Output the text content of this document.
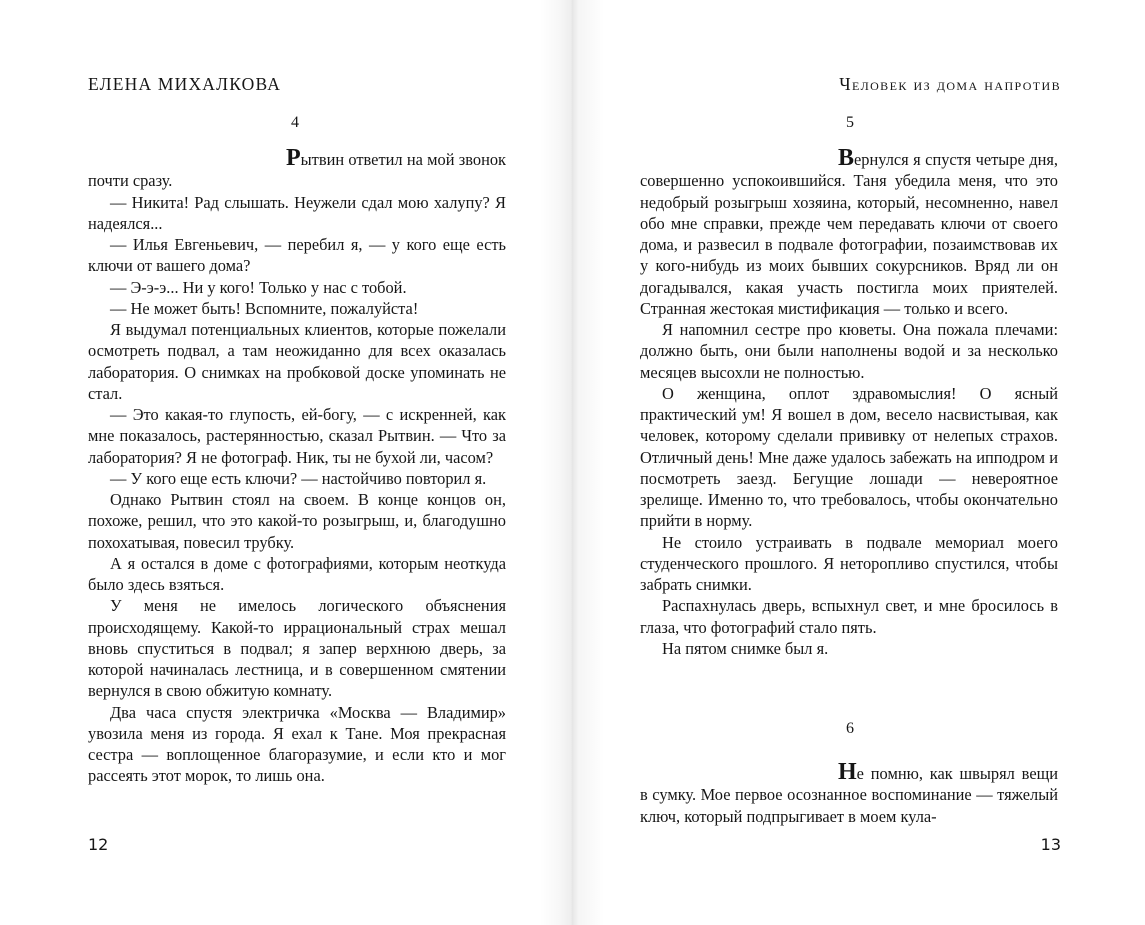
ЕЛЕНА МИХАЛКОВА
4

Рытвин ответил на мой звонок почти сразу.

— Никита! Рад слышать. Неужели сдал мою халупу? Я надеялся...

— Илья Евгеньевич, — перебил я, — у кого еще есть ключи от вашего дома?

— Э-э-э... Ни у кого! Только у нас с тобой.

— Не может быть! Вспомните, пожалуйста!

Я выдумал потенциальных клиентов, которые пожелали осмотреть подвал, а там неожиданно для всех оказалась лаборатория. О снимках на пробковой доске упоминать не стал.

— Это какая-то глупость, ей-богу, — с искренней, как мне показалось, растерянностью, сказал Рытвин. — Что за лаборатория? Я не фотограф. Ник, ты не бухой ли, часом?

— У кого еще есть ключи? — настойчиво повторил я.

Однако Рытвин стоял на своем. В конце концов он, похоже, решил, что это какой-то розыгрыш, и, благодушно похохатывая, повесил трубку.

А я остался в доме с фотографиями, которым неоткуда было здесь взяться.

У меня не имелось логического объяснения происходящему. Какой-то иррациональный страх мешал вновь спуститься в подвал; я запер верхнюю дверь, за которой начиналась лестница, и в совершенном смятении вернулся в свою обжитую комнату.

Два часа спустя электричка «Москва — Владимир» увозила меня из города. Я ехал к Тане. Моя прекрасная сестра — воплощенное благоразумие, и если кто и мог рассеять этот морок, то лишь она.

12
Человек из дома напротив
5

Вернулся я спустя четыре дня, совершенно успокоившийся. Таня убедила меня, что это недобрый розыгрыш хозяина, который, несомненно, навел обо мне справки, прежде чем передавать ключи от своего дома, и развесил в подвале фотографии, позаимствовав их у кого-нибудь из моих бывших сокурсников. Вряд ли он догадывался, какая участь постигла моих приятелей. Странная жестокая мистификация — только и всего.

Я напомнил сестре про кюветы. Она пожала плечами: должно быть, они были наполнены водой и за несколько месяцев высохли не полностью.

О женщина, оплот здравомыслия! О ясный практический ум! Я вошел в дом, весело насвистывая, как человек, которому сделали прививку от нелепых страхов. Отличный день! Мне даже удалось забежать на ипподром и посмотреть заезд. Бегущие лошади — невероятное зрелище. Именно то, что требовалось, чтобы окончательно прийти в норму.

Не стоило устраивать в подвале мемориал моего студенческого прошлого. Я неторопливо спустился, чтобы забрать снимки.

Распахнулась дверь, вспыхнул свет, и мне бросилось в глаза, что фотографий стало пять.

На пятом снимке был я.

6

Не помню, как швырял вещи в сумку. Мое первое осознанное воспоминание — тяжелый ключ, который подпрыгивает в моем кула-

13
